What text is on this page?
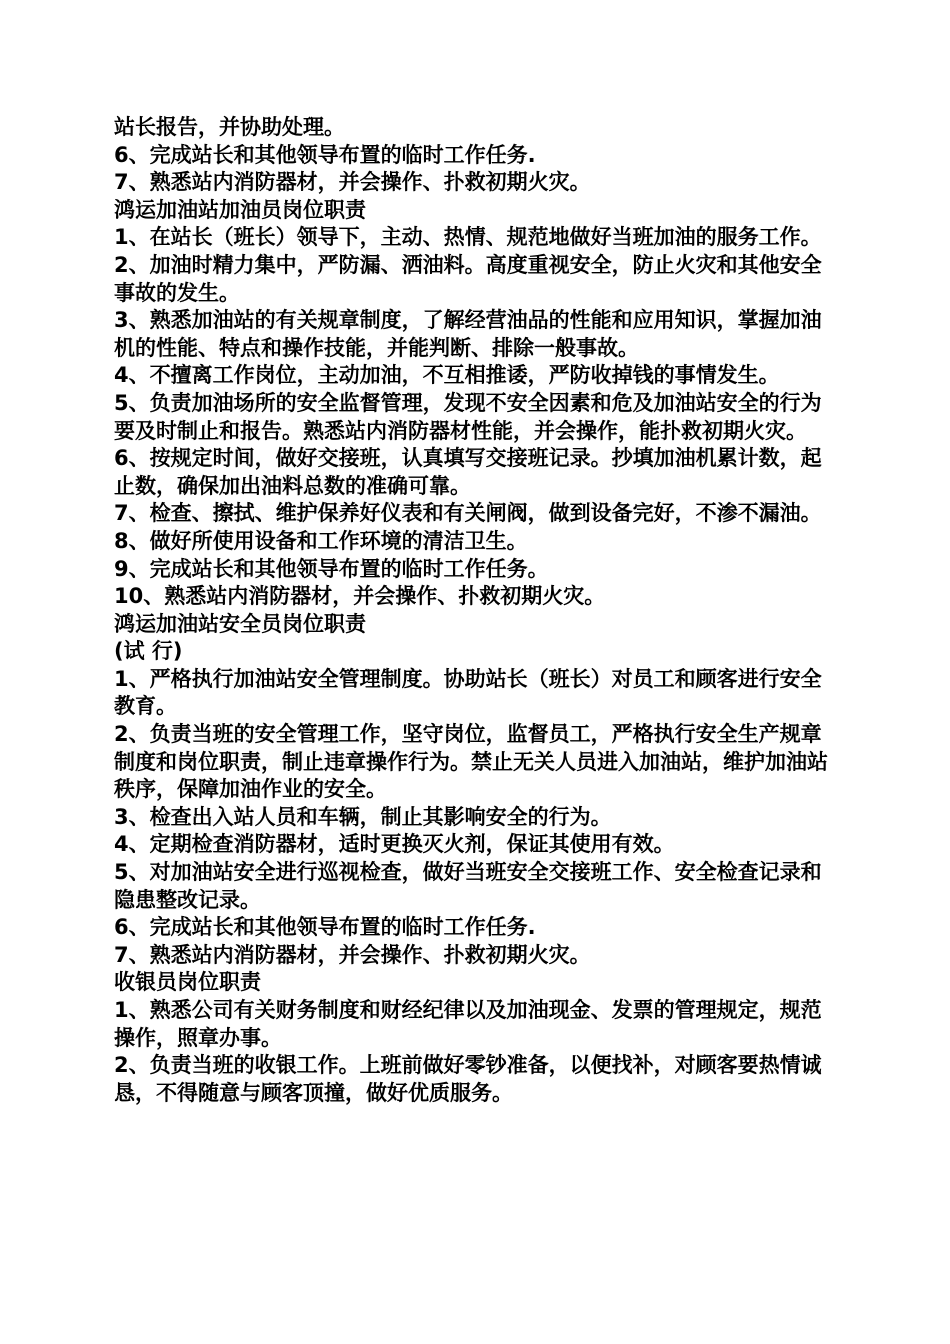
站长报告，并协助处理。

6、完成站长和其他领导布置的临时工作任务.

7、熟悉站内消防器材，并会操作、扑救初期火灾。

鸿运加油站加油员岗位职责

1、在站长（班长）领导下，主动、热情、规范地做好当班加油的服务工作。

2、加油时精力集中，严防漏、洒油料。高度重视安全，防止火灾和其他安全事故的发生。

3、熟悉加油站的有关规章制度，了解经营油品的性能和应用知识，掌握加油机的性能、特点和操作技能，并能判断、排除一般事故。

4、不擅离工作岗位，主动加油，不互相推诿，严防收掉钱的事情发生。

5、负责加油场所的安全监督管理，发现不安全因素和危及加油站安全的行为要及时制止和报告。熟悉站内消防器材性能，并会操作，能扑救初期火灾。

6、按规定时间，做好交接班，认真填写交接班记录。抄填加油机累计数，起止数，确保加出油料总数的准确可靠。

7、检查、擦拭、维护保养好仪表和有关闸阀，做到设备完好，不渗不漏油。

8、做好所使用设备和工作环境的清洁卫生。

9、完成站长和其他领导布置的临时工作任务。

10、熟悉站内消防器材，并会操作、扑救初期火灾。

鸿运加油站安全员岗位职责

(试 行)

1、严格执行加油站安全管理制度。协助站长（班长）对员工和顾客进行安全教育。

2、负责当班的安全管理工作，坚守岗位，监督员工，严格执行安全生产规章制度和岗位职责，制止违章操作行为。禁止无关人员进入加油站，维护加油站秩序，保障加油作业的安全。

3、检查出入站人员和车辆，制止其影响安全的行为。

4、定期检查消防器材，适时更换灭火剂，保证其使用有效。

5、对加油站安全进行巡视检查，做好当班安全交接班工作、安全检查记录和隐患整改记录。

6、完成站长和其他领导布置的临时工作任务.

7、熟悉站内消防器材，并会操作、扑救初期火灾。

收银员岗位职责

1、熟悉公司有关财务制度和财经纪律以及加油现金、发票的管理规定，规范操作，照章办事。

2、负责当班的收银工作。上班前做好零钞准备，以便找补，对顾客要热情诚恳，不得随意与顾客顶撞，做好优质服务。
